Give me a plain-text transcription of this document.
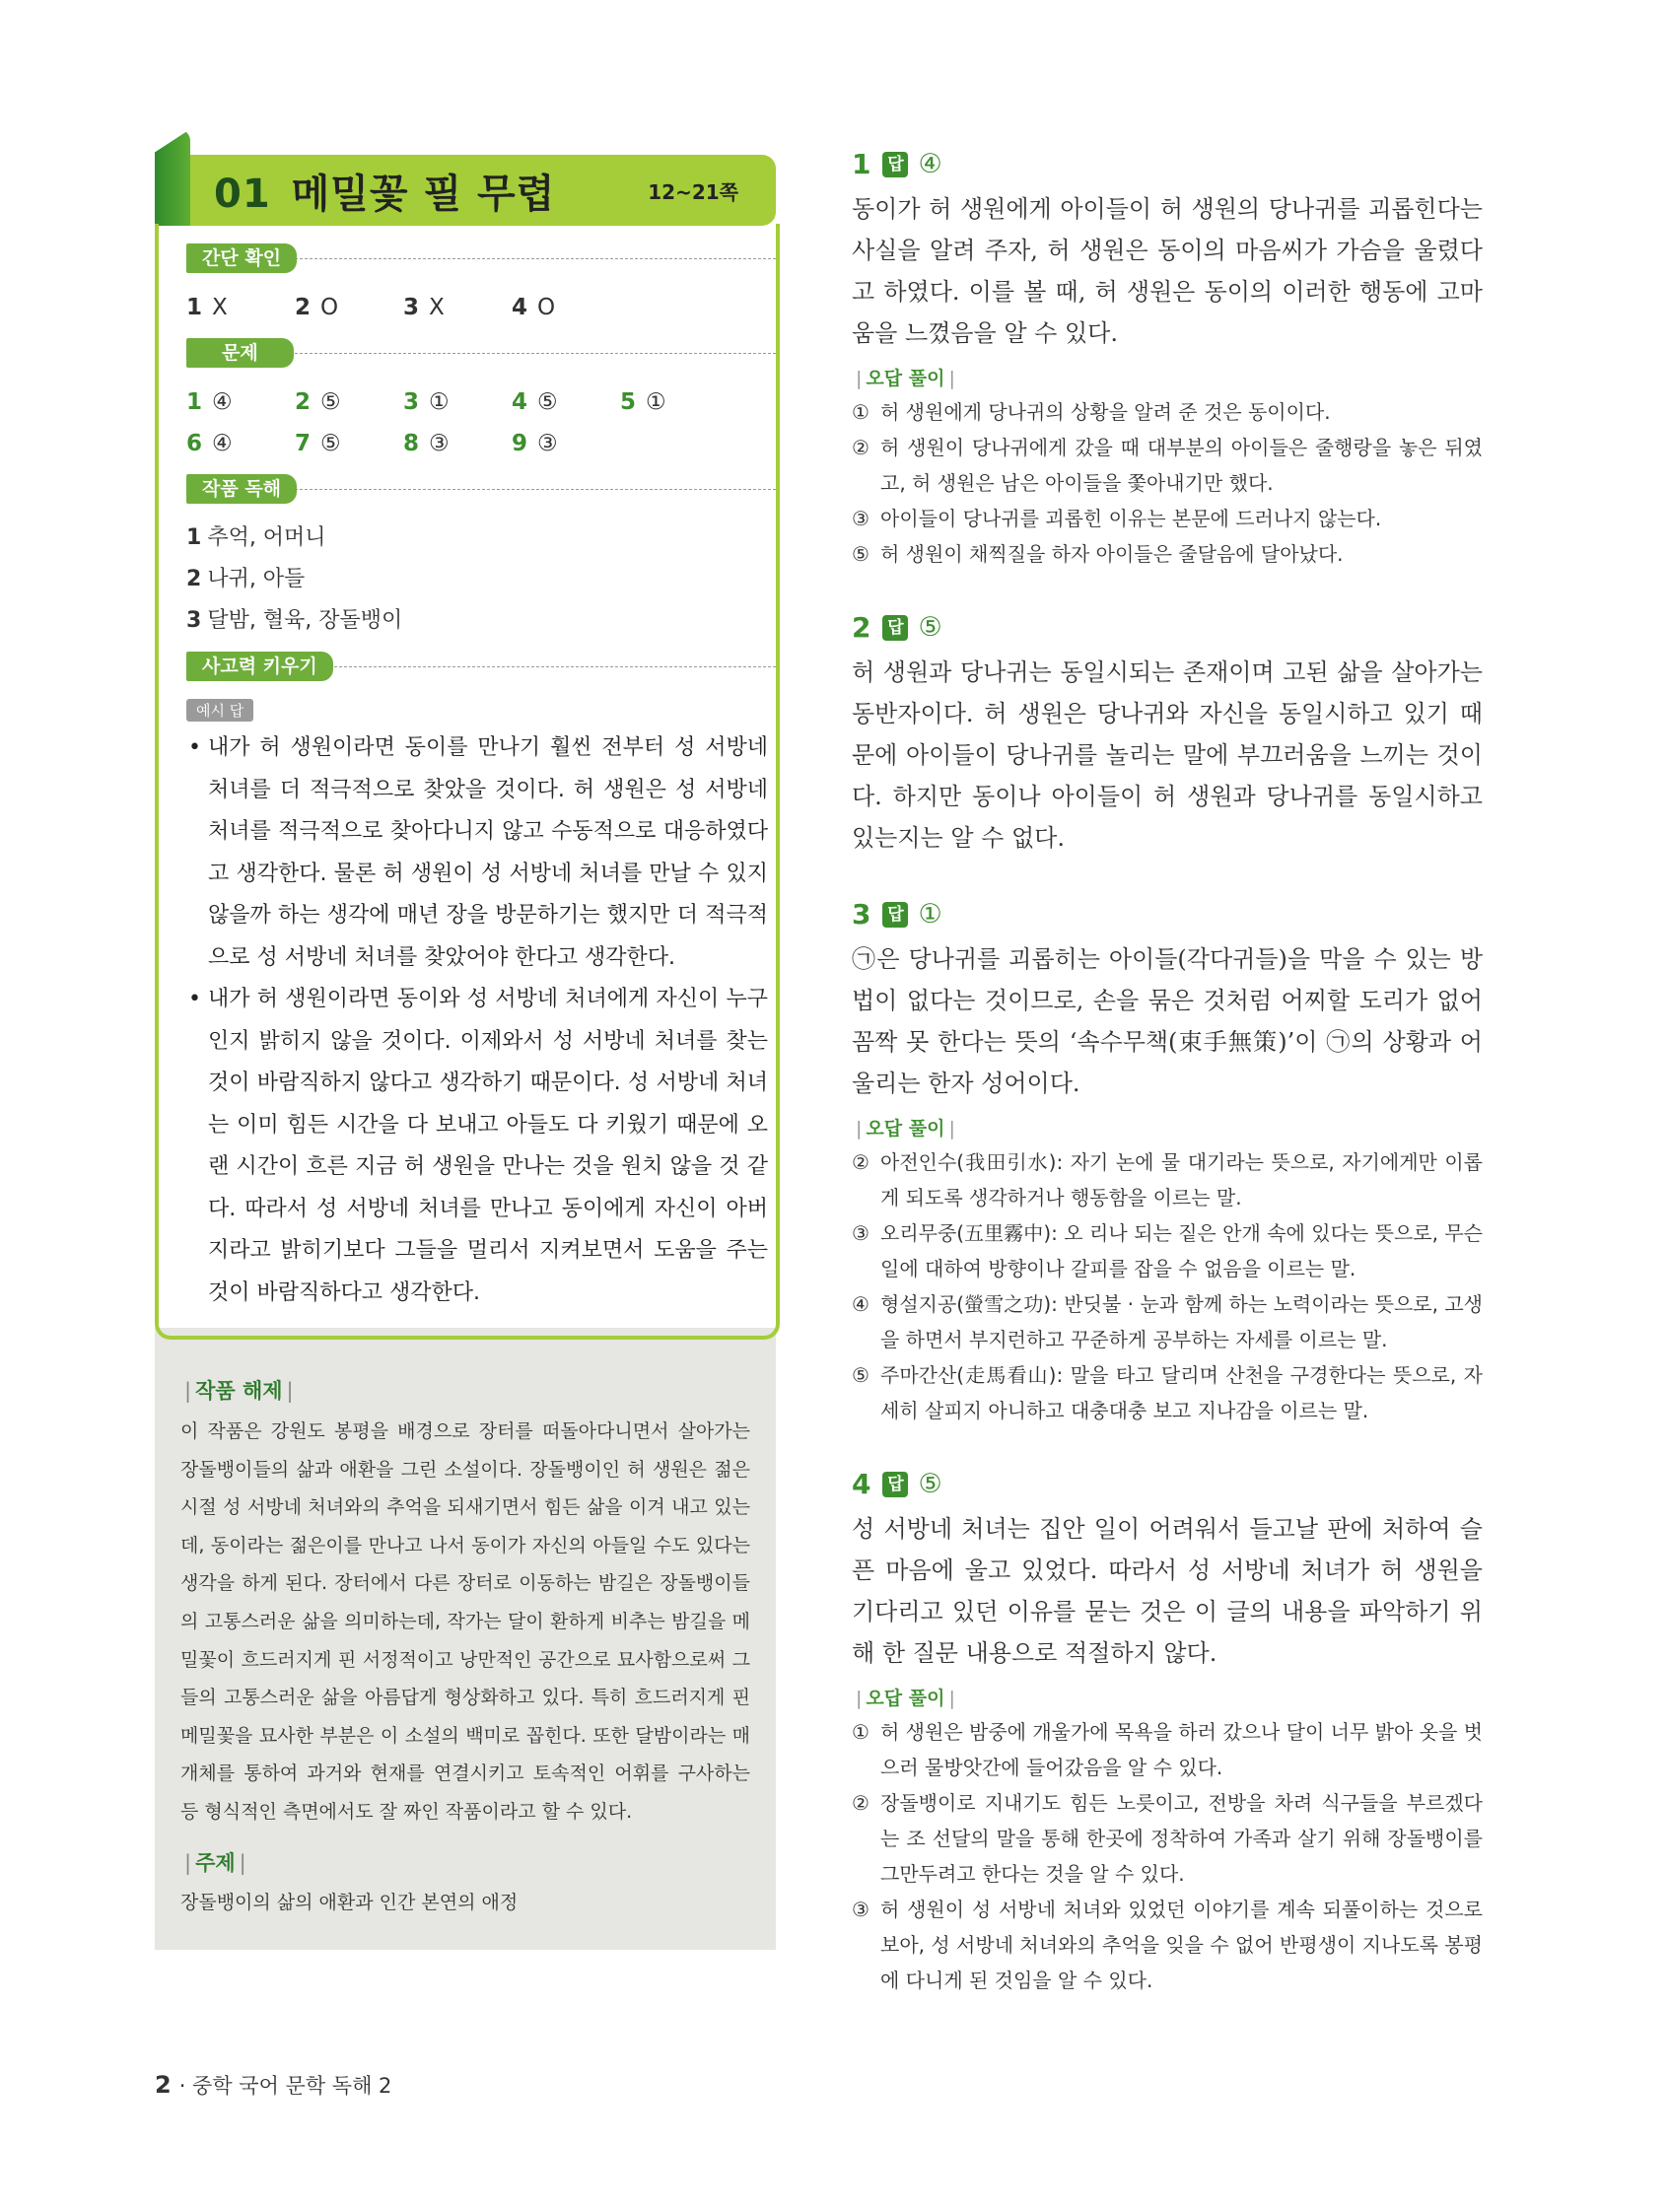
01 메밀꽃 필 무렵	12~21쪽
간단 확인
1 X	2 O	3 X	4 O
문제
1 ④	2 ⑤	3 ①	4 ⑤	5 ①
6 ④	7 ⑤	8 ③	9 ③
작품 독해
1 추억, 어머니
2 나귀, 아들
3 달밤, 혈육, 장돌뱅이
사고력 키우기
예시 답
• 내가 허 생원이라면 동이를 만나기 훨씬 전부터 성 서방네 처녀를 더 적극적으로 찾았을 것이다. 허 생원은 성 서방네 처녀를 적극적으로 찾아다니지 않고 수동적으로 대응하였다고 생각한다. 물론 허 생원이 성 서방네 처녀를 만날 수 있지 않을까 하는 생각에 매년 장을 방문하기는 했지만 더 적극적으로 성 서방네 처녀를 찾았어야 한다고 생각한다.
• 내가 허 생원이라면 동이와 성 서방네 처녀에게 자신이 누구인지 밝히지 않을 것이다. 이제와서 성 서방네 처녀를 찾는 것이 바람직하지 않다고 생각하기 때문이다. 성 서방네 처녀는 이미 힘든 시간을 다 보내고 아들도 다 키웠기 때문에 오랜 시간이 흐른 지금 허 생원을 만나는 것을 원치 않을 것 같다. 따라서 성 서방네 처녀를 만나고 동이에게 자신이 아버지라고 밝히기보다 그들을 멀리서 지켜보면서 도움을 주는 것이 바람직하다고 생각한다.
| 작품 해제 |
이 작품은 강원도 봉평을 배경으로 장터를 떠돌아다니면서 살아가는 장돌뱅이들의 삶과 애환을 그린 소설이다. 장돌뱅이인 허 생원은 젊은 시절 성 서방네 처녀와의 추억을 되새기면서 힘든 삶을 이겨 내고 있는데, 동이라는 젊은이를 만나고 나서 동이가 자신의 아들일 수도 있다는 생각을 하게 된다. 장터에서 다른 장터로 이동하는 밤길은 장돌뱅이들의 고통스러운 삶을 의미하는데, 작가는 달이 환하게 비추는 밤길을 메밀꽃이 흐드러지게 핀 서정적이고 낭만적인 공간으로 묘사함으로써 그들의 고통스러운 삶을 아름답게 형상화하고 있다. 특히 흐드러지게 핀 메밀꽃을 묘사한 부분은 이 소설의 백미로 꼽힌다. 또한 달밤이라는 매개체를 통하여 과거와 현재를 연결시키고 토속적인 어휘를 구사하는 등 형식적인 측면에서도 잘 짜인 작품이라고 할 수 있다.
| 주제 |
장돌뱅이의 삶의 애환과 인간 본연의 애정
2 · 중학 국어 문학 독해 2
1 답 ④
동이가 허 생원에게 아이들이 허 생원의 당나귀를 괴롭힌다는 사실을 알려 주자, 허 생원은 동이의 마음씨가 가슴을 울렸다고 하였다. 이를 볼 때, 허 생원은 동이의 이러한 행동에 고마움을 느꼈음을 알 수 있다.
| 오답 풀이 |
① 허 생원에게 당나귀의 상황을 알려 준 것은 동이이다.
② 허 생원이 당나귀에게 갔을 때 대부분의 아이들은 줄행랑을 놓은 뒤였고, 허 생원은 남은 아이들을 쫓아내기만 했다.
③ 아이들이 당나귀를 괴롭힌 이유는 본문에 드러나지 않는다.
⑤ 허 생원이 채찍질을 하자 아이들은 줄달음에 달아났다.
2 답 ⑤
허 생원과 당나귀는 동일시되는 존재이며 고된 삶을 살아가는 동반자이다. 허 생원은 당나귀와 자신을 동일시하고 있기 때문에 아이들이 당나귀를 놀리는 말에 부끄러움을 느끼는 것이다. 하지만 동이나 아이들이 허 생원과 당나귀를 동일시하고 있는지는 알 수 없다.
3 답 ①
㉠은 당나귀를 괴롭히는 아이들(각다귀들)을 막을 수 있는 방법이 없다는 것이므로, 손을 묶은 것처럼 어찌할 도리가 없어 꼼짝 못 한다는 뜻의 ‘속수무책(束手無策)’이 ㉠의 상황과 어울리는 한자 성어이다.
| 오답 풀이 |
② 아전인수(我田引水): 자기 논에 물 대기라는 뜻으로, 자기에게만 이롭게 되도록 생각하거나 행동함을 이르는 말.
③ 오리무중(五里霧中): 오 리나 되는 짙은 안개 속에 있다는 뜻으로, 무슨 일에 대하여 방향이나 갈피를 잡을 수 없음을 이르는 말.
④ 형설지공(螢雪之功): 반딧불 · 눈과 함께 하는 노력이라는 뜻으로, 고생을 하면서 부지런하고 꾸준하게 공부하는 자세를 이르는 말.
⑤ 주마간산(走馬看山): 말을 타고 달리며 산천을 구경한다는 뜻으로, 자세히 살피지 아니하고 대충대충 보고 지나감을 이르는 말.
4 답 ⑤
성 서방네 처녀는 집안 일이 어려워서 들고날 판에 처하여 슬픈 마음에 울고 있었다. 따라서 성 서방네 처녀가 허 생원을 기다리고 있던 이유를 묻는 것은 이 글의 내용을 파악하기 위해 한 질문 내용으로 적절하지 않다.
| 오답 풀이 |
① 허 생원은 밤중에 개울가에 목욕을 하러 갔으나 달이 너무 밝아 옷을 벗으러 물방앗간에 들어갔음을 알 수 있다.
② 장돌뱅이로 지내기도 힘든 노릇이고, 전방을 차려 식구들을 부르겠다는 조 선달의 말을 통해 한곳에 정착하여 가족과 살기 위해 장돌뱅이를 그만두려고 한다는 것을 알 수 있다.
③ 허 생원이 성 서방네 처녀와 있었던 이야기를 계속 되풀이하는 것으로 보아, 성 서방네 처녀와의 추억을 잊을 수 없어 반평생이 지나도록 봉평에 다니게 된 것임을 알 수 있다.
